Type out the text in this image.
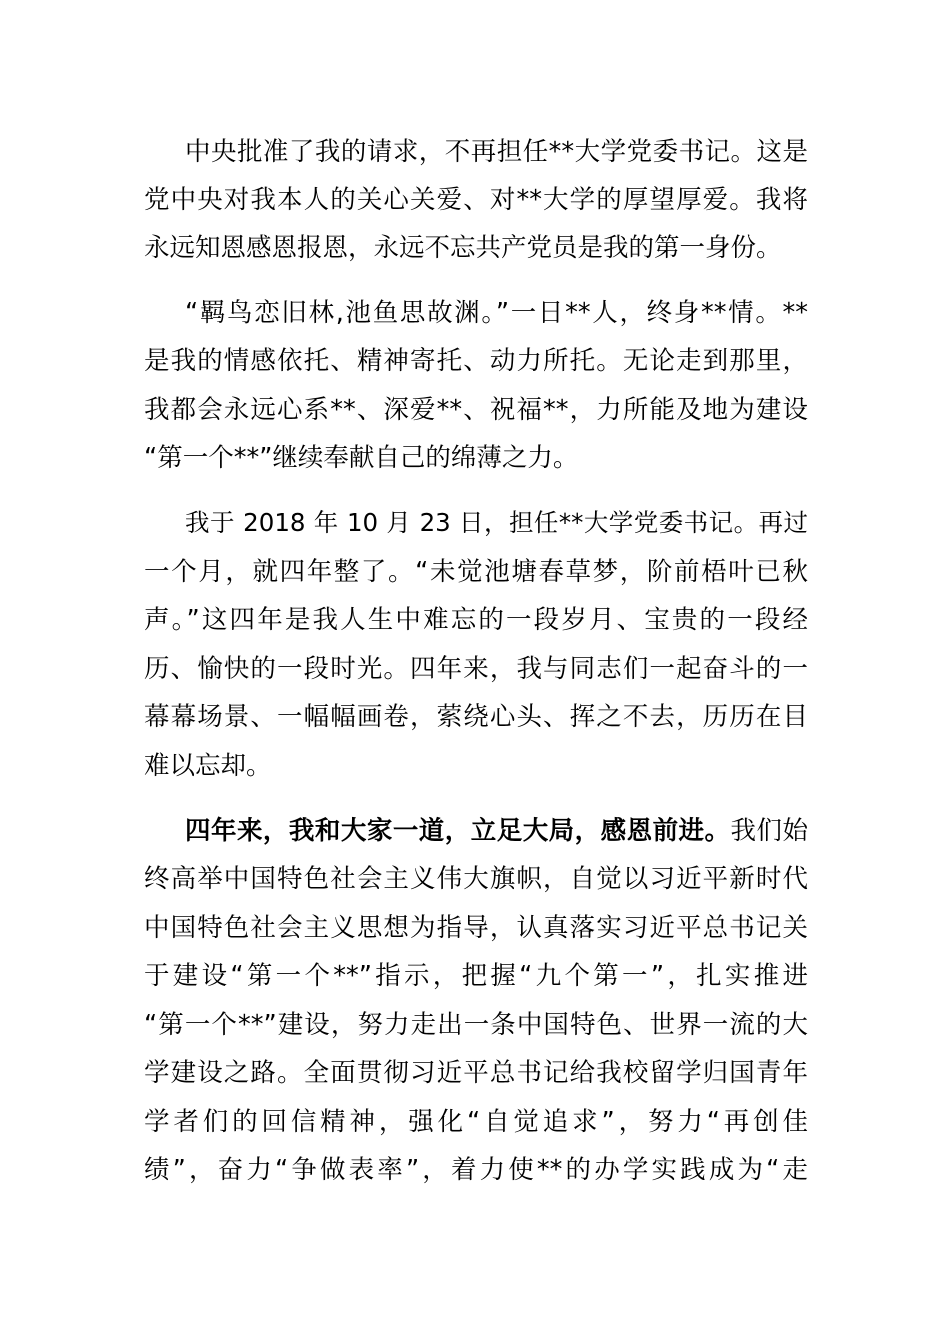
中央批准了我的请求，不再担任**大学党委书记。这是
党中央对我本人的关心关爱、对**大学的厚望厚爱。我将
永远知恩感恩报恩，永远不忘共产党员是我的第一身份。
“羁鸟恋旧林,池鱼思故渊。”一日**人，终身**情。**
是我的情感依托、精神寄托、动力所托。无论走到那里，
我都会永远心系**、深爱**、祝福**，力所能及地为建设
“第一个**”继续奉献自己的绵薄之力。
我于 2018 年 10 月 23 日，担任**大学党委书记。再过
一个月，就四年整了。“未觉池塘春草梦，阶前梧叶已秋
声。”这四年是我人生中难忘的一段岁月、宝贵的一段经
历、愉快的一段时光。四年来，我与同志们一起奋斗的一
幕幕场景、一幅幅画卷，萦绕心头、挥之不去，历历在目
难以忘却。
四年来，我和大家一道，立足大局，感恩前进。我们始
终高举中国特色社会主义伟大旗帜，自觉以习近平新时代
中国特色社会主义思想为指导，认真落实习近平总书记关
于建设“第一个**”指示，把握“九个第一”，扎实推进
“第一个**”建设，努力走出一条中国特色、世界一流的大
学建设之路。全面贯彻习近平总书记给我校留学归国青年
学者们的回信精神，强化“自觉追求”，努力“再创佳
绩”，奋力“争做表率”，着力使**的办学实践成为“走
